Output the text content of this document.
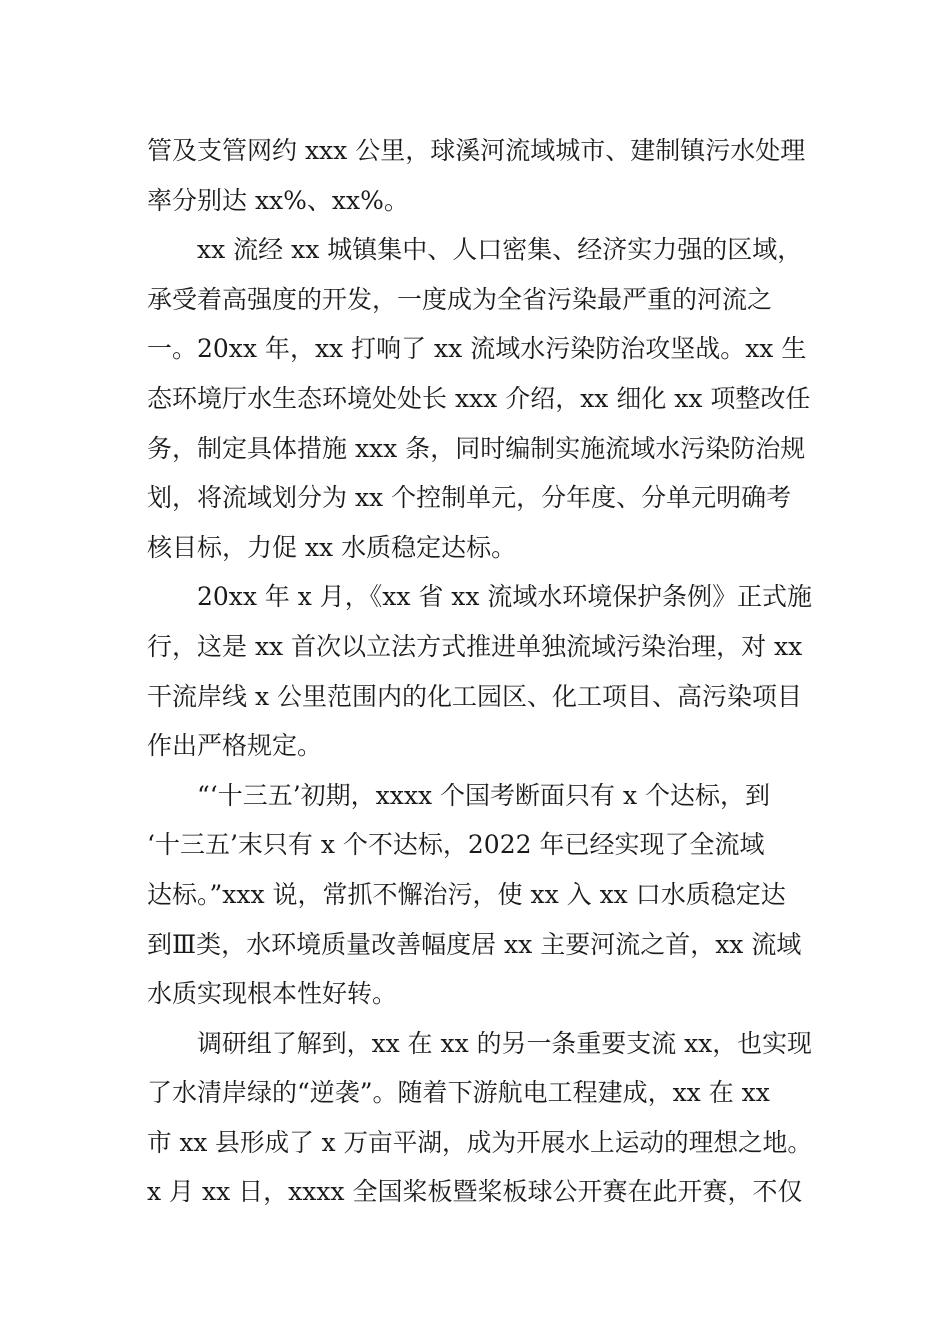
管及支管网约 xxx 公里，球溪河流域城市、建制镇污水处理
率分别达 xx%、xx%。
xx 流经 xx 城镇集中、人口密集、经济实力强的区域，
承受着高强度的开发，一度成为全省污染最严重的河流之
一。20xx 年，xx 打响了 xx 流域水污染防治攻坚战。xx 生
态环境厅水生态环境处处长 xxx 介绍，xx 细化 xx 项整改任
务，制定具体措施 xxx 条，同时编制实施流域水污染防治规
划，将流域划分为 xx 个控制单元，分年度、分单元明确考
核目标，力促 xx 水质稳定达标。
20xx 年 x 月，《xx 省 xx 流域水环境保护条例》正式施
行，这是 xx 首次以立法方式推进单独流域污染治理，对 xx
干流岸线 x 公里范围内的化工园区、化工项目、高污染项目
作出严格规定。
“‘十三五’初期，xxxx 个国考断面只有 x 个达标，到
‘十三五’末只有 x 个不达标，2022 年已经实现了全流域
达标。”xxx 说，常抓不懈治污，使 xx 入 xx 口水质稳定达
到Ⅲ类，水环境质量改善幅度居 xx 主要河流之首，xx 流域
水质实现根本性好转。
调研组了解到，xx 在 xx 的另一条重要支流 xx，也实现
了水清岸绿的“逆袭”。随着下游航电工程建成，xx 在 xx
市 xx 县形成了 x 万亩平湖，成为开展水上运动的理想之地。
x 月 xx 日，xxxx 全国桨板暨桨板球公开赛在此开赛，不仅
